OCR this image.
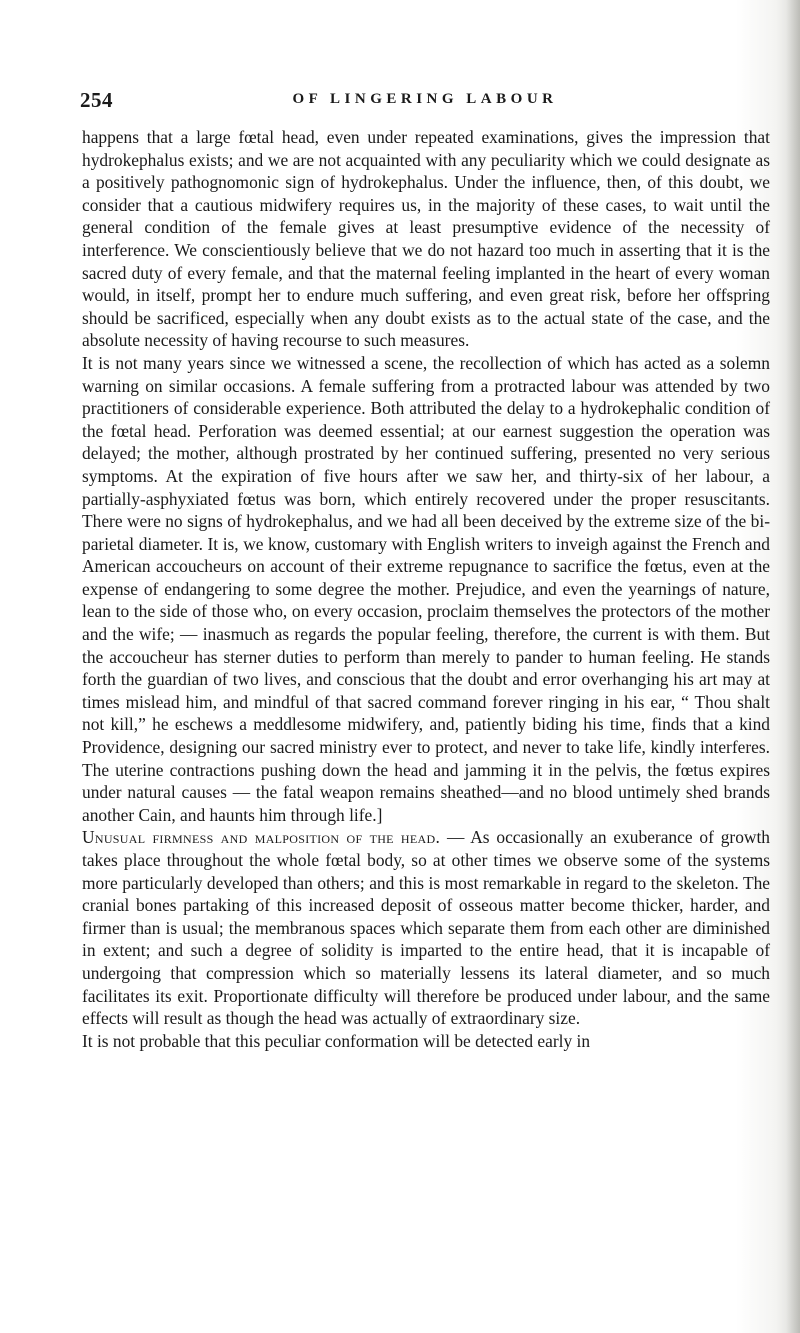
254	OF LINGERING LABOUR

happens that a large fœtal head, even under repeated examinations, gives the impression that hydrokephalus exists; and we are not acquainted with any peculiarity which we could designate as a positively pathognomonic sign of hydrokephalus. Under the influence, then, of this doubt, we consider that a cautious midwifery requires us, in the majority of these cases, to wait until the general condition of the female gives at least presumptive evidence of the necessity of interference. We conscientiously believe that we do not hazard too much in asserting that it is the sacred duty of every female, and that the maternal feeling implanted in the heart of every woman would, in itself, prompt her to endure much suffering, and even great risk, before her offspring should be sacrificed, especially when any doubt exists as to the actual state of the case, and the absolute necessity of having recourse to such measures.

It is not many years since we witnessed a scene, the recollection of which has acted as a solemn warning on similar occasions. A female suffering from a protracted labour was attended by two practitioners of considerable experience. Both attributed the delay to a hydrokephalic condition of the fœtal head. Perforation was deemed essential; at our earnest suggestion the operation was delayed; the mother, although prostrated by her continued suffering, presented no very serious symptoms. At the expiration of five hours after we saw her, and thirty-six of her labour, a partially-asphyxiated fœtus was born, which entirely recovered under the proper resuscitants. There were no signs of hydrokephalus, and we had all been deceived by the extreme size of the bi-parietal diameter. It is, we know, customary with English writers to inveigh against the French and American accoucheurs on account of their extreme repugnance to sacrifice the fœtus, even at the expense of endangering to some degree the mother. Prejudice, and even the yearnings of nature, lean to the side of those who, on every occasion, proclaim themselves the protectors of the mother and the wife; — inasmuch as regards the popular feeling, therefore, the current is with them. But the accoucheur has sterner duties to perform than merely to pander to human feeling. He stands forth the guardian of two lives, and conscious that the doubt and error overhanging his art may at times mislead him, and mindful of that sacred command forever ringing in his ear, “ Thou shalt not kill,” he eschews a meddlesome midwifery, and, patiently biding his time, finds that a kind Providence, designing our sacred ministry ever to protect, and never to take life, kindly interferes. The uterine contractions pushing down the head and jamming it in the pelvis, the fœtus expires under natural causes — the fatal weapon remains sheathed—and no blood untimely shed brands another Cain, and haunts him through life.]

Unusual firmness and malposition of the head. — As occasionally an exuberance of growth takes place throughout the whole fœtal body, so at other times we observe some of the systems more particularly developed than others; and this is most remarkable in regard to the skeleton. The cranial bones partaking of this increased deposit of osseous matter become thicker, harder, and firmer than is usual; the membranous spaces which separate them from each other are diminished in extent; and such a degree of solidity is imparted to the entire head, that it is incapable of undergoing that compression which so materially lessens its lateral diameter, and so much facilitates its exit. Proportionate difficulty will therefore be produced under labour, and the same effects will result as though the head was actually of extraordinary size.

It is not probable that this peculiar conformation will be detected early in
